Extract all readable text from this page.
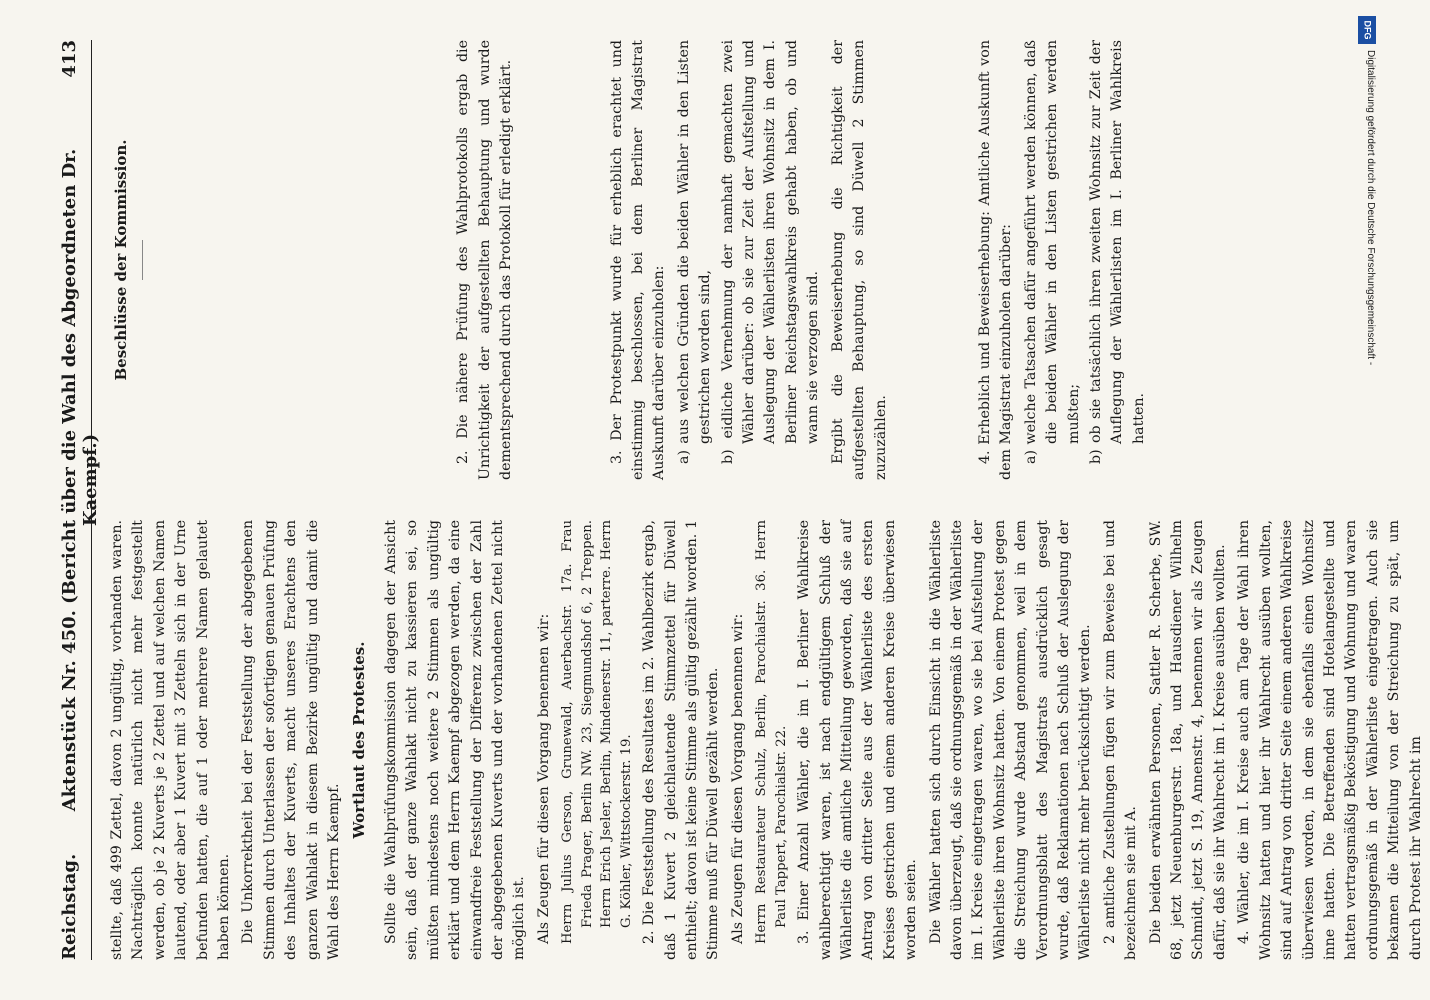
Reichstag.
Aktenstück Nr. 450. (Bericht über die Wahl des Abgeordneten Dr. Kaempf.)
413

stellte, daß 499 Zettel, davon 2 ungültig, vorhanden waren. Nachträglich konnte natürlich nicht mehr festgestellt werden, ob je 2 Kuverts je 2 Zettel und auf welchen Namen lautend, oder aber 1 Kuvert mit 3 Zetteln sich in der Urne befunden hatten, die auf 1 oder mehrere Namen gelautet haben können. Die Unkorrektheit bei der Feststellung der abgegebenen Stimmen durch Unterlassen der sofortigen genauen Prüfung des Inhaltes der Kuverts, macht unseres Erachtens den ganzen Wahlakt in diesem Bezirke ungültig und damit die Wahl des Herrn Kaempf.

Wortlaut des Protestes. Sollte die Wahlprüfungskommission dagegen der Ansicht sein, daß der ganze Wahlakt nicht zu kassieren sei, so müßten mindestens noch weitere 2 Stimmen als ungültig erklärt und dem Herrn Kaempf abgezogen werden, da eine einwandfreie Feststellung der Differenz zwischen der Zahl der abgegebenen Kuverts und der vorhandenen Zettel nicht möglich ist. Als Zeugen für diesen Vorgang benennen wir: Herrn Julius Gerson, Grunewald, Auerbachstr. 17a. Frau Frieda Prager, Berlin NW. 23, Siegmundshof 6, 2 Treppen. Herrn Erich Jseler, Berlin, Mindenerstr. 11, parterre. Herrn G. Köhler, Wittstockerstr. 19. 2. Die Feststellung des Resultates im 2. Wahlbezirk ergab, daß 1 Kuvert 2 gleichlautende Stimmzettel für Düwell enthielt; davon ist keine Stimme als gültig gezählt worden. 1 Stimme muß für Düwell gezählt werden. Als Zeugen für diesen Vorgang benennen wir: Herrn Restaurateur Schulz, Berlin, Parochialstr. 36. Herrn Paul Tappert, Parochialstr. 22. 3. Einer Anzahl Wähler, die im I. Berliner Wahlkreise wahlberechtigt waren, ist nach endgültigem Schluß der Wählerliste die amtliche Mitteilung geworden, daß sie auf Antrag von dritter Seite aus der Wählerliste des ersten Kreises gestrichen und einem anderen Kreise überwiesen worden seien. Die Wähler hatten sich durch Einsicht in die Wählerliste davon überzeugt, daß sie ordnungsgemäß in der Wählerliste im I. Kreise eingetragen waren, wo sie bei Aufstellung der Wählerliste ihren Wohnsitz hatten. Von einem Protest gegen die Streichung wurde Abstand genommen, weil in dem Verordnungsblatt des Magistrats ausdrücklich gesagt wurde, daß Reklamationen nach Schluß der Auslegung der Wählerliste nicht mehr berücksichtigt werden. 2 amtliche Zustellungen fügen wir zum Beweise bei und bezeichnen sie mit A. Die beiden erwähnten Personen, Sattler R. Scherbe, SW. 68, jetzt Neuenburgerstr. 18a, und Hausdiener Wilhelm Schmidt, jetzt S. 19, Annenstr. 4, benennen wir als Zeugen dafür, daß sie ihr Wahlrecht im I. Kreise ausüben wollten. 4. Wähler, die im I. Kreise auch am Tage der Wahl ihren Wohnsitz hatten und hier ihr Wahlrecht ausüben wollten, sind auf Antrag von dritter Seite einem anderen Wahlkreise überwiesen worden, in dem sie ebenfalls einen Wohnsitz inne hatten. Die Betreffenden sind Hotelangestellte und hatten vertragsmäßig Beköstigung und Wohnung und waren ordnungsgemäß in der Wählerliste eingetragen. Auch sie bekamen die Mitteilung von der Streichung zu spät, um durch Protest ihr Wahlrecht im

Beschlüsse der Kommission.	2. Die nähere Prüfung des Wahlprotokolls ergab die Unrichtigkeit der aufgestellten Behauptung und wurde dementsprechend durch das Protokoll für erledigt erklärt.	3. Der Protestpunkt wurde für erheblich erachtet und einstimmig beschlossen, bei dem Berliner Magistrat Auskunft darüber einzuholen: a) aus welchen Gründen die beiden Wähler in den Listen gestrichen worden sind, b) eidliche Vernehmung der namhaft gemachten zwei Wähler darüber: ob sie zur Zeit der Aufstellung und Auslegung der Wählerlisten ihren Wohnsitz in dem I. Berliner Reichstagswahlkreis gehabt haben, ob und wann sie verzogen sind. Ergibt die Beweiserhebung die Richtigkeit der aufgestellten Behauptung, so sind Düwell 2 Stimmen zuzuzählen.	4. Erheblich und Beweiserhebung: Amtliche Auskunft von dem Magistrat einzuholen darüber: a) welche Tatsachen dafür angeführt werden können, daß die beiden Wähler in den Listen gestrichen werden mußten; b) ob sie tatsächlich ihren zweiten Wohnsitz zur Zeit der Auflegung der Wählerlisten im I. Berliner Wahlkreis hatten.
DFG
Digitalisierung gefördert durch die Deutsche Forschungsgemeinschaft -
